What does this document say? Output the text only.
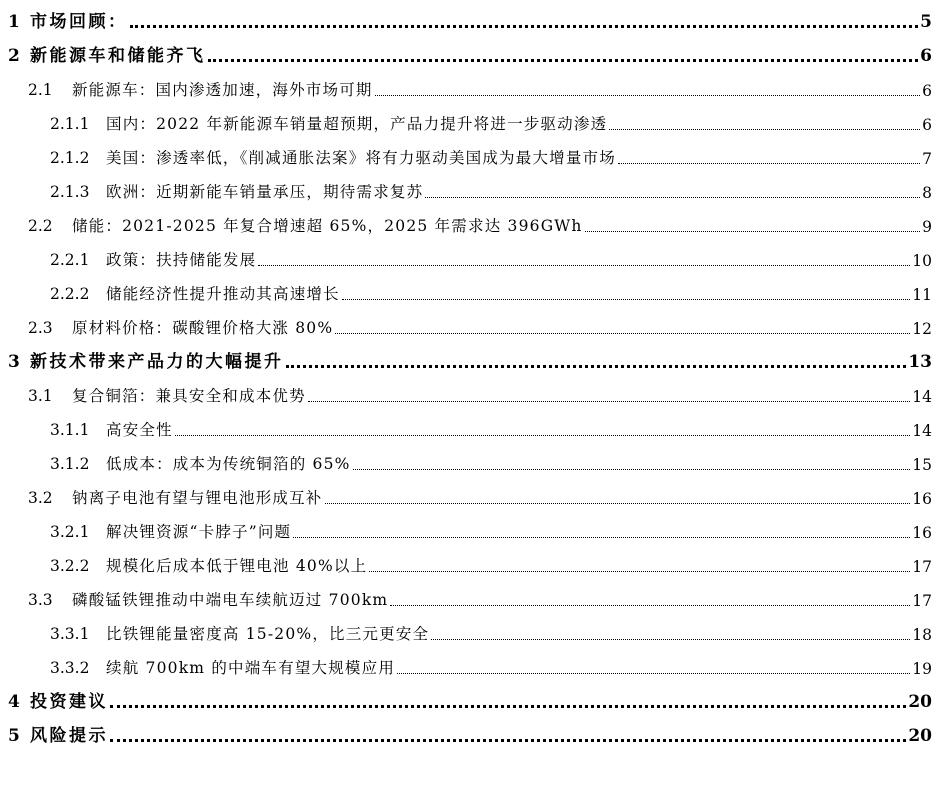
1 市场回顾：	5
2 新能源车和储能齐飞	6
2.1 新能源车：国内渗透加速，海外市场可期	6
2.1.1 国内：2022 年新能源车销量超预期，产品力提升将进一步驱动渗透	6
2.1.2 美国：渗透率低，《削减通胀法案》将有力驱动美国成为最大增量市场	7
2.1.3 欧洲：近期新能车销量承压，期待需求复苏	8
2.2 储能：2021-2025 年复合增速超 65%，2025 年需求达 396GWh	9
2.2.1 政策：扶持储能发展	10
2.2.2 储能经济性提升推动其高速增长	11
2.3 原材料价格：碳酸锂价格大涨 80%	12
3 新技术带来产品力的大幅提升	13
3.1 复合铜箔：兼具安全和成本优势	14
3.1.1 高安全性	14
3.1.2 低成本：成本为传统铜箔的 65%	15
3.2 钠离子电池有望与锂电池形成互补	16
3.2.1 解决锂资源“卡脖子”问题	16
3.2.2 规模化后成本低于锂电池 40%以上	17
3.3 磷酸锰铁锂推动中端电车续航迈过 700km	17
3.3.1 比铁锂能量密度高 15-20%，比三元更安全	18
3.3.2 续航 700km 的中端车有望大规模应用	19
4 投资建议	20
5 风险提示	20
